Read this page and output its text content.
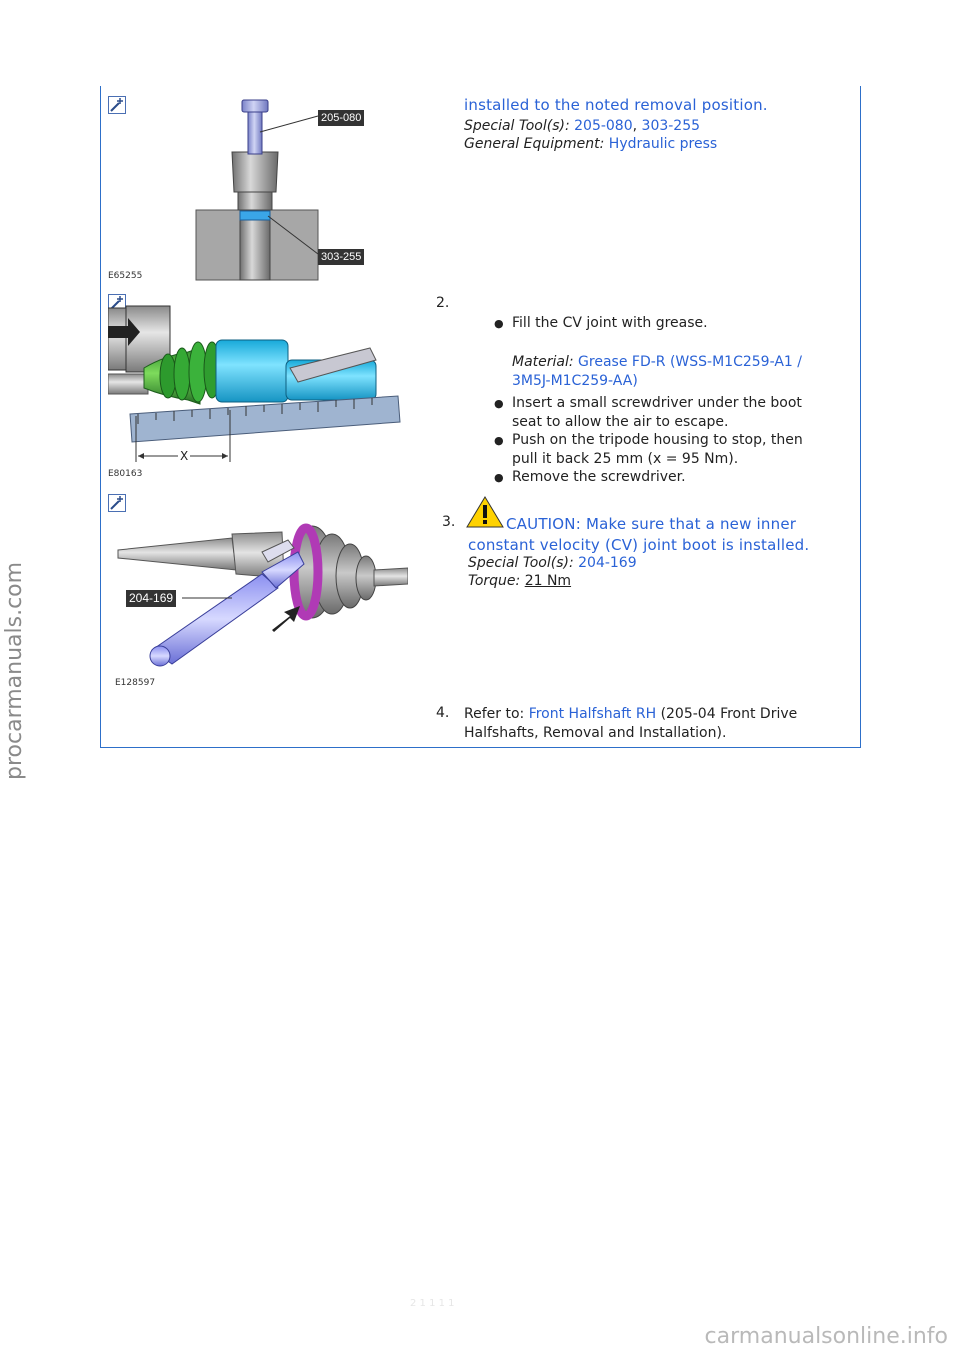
procarmanuals.com
205-080
303-255
E65255
installed to the noted removal position.
Special Tool(s): 205-080, 303-255
General Equipment: Hydraulic press
X
E80163
2.
● Fill the CV joint with grease.
Material: Grease FD-R (WSS-M1C259-A1 /
3M5J-M1C259-AA)
● Insert a small screwdriver under the boot
seat to allow the air to escape.
● Push on the tripode housing to stop, then
pull it back 25 mm (x = 95 Nm).
● Remove the screwdriver.
204-169
E128597
3.	CAUTION: Make sure that a new inner
constant velocity (CV) joint boot is installed.
Special Tool(s): 204-169
Torque: 21 Nm
4. Refer to: Front Halfshaft RH (205-04 Front Drive
Halfshafts, Removal and Installation).
2 1 1 1 1
carmanualsonline.info
